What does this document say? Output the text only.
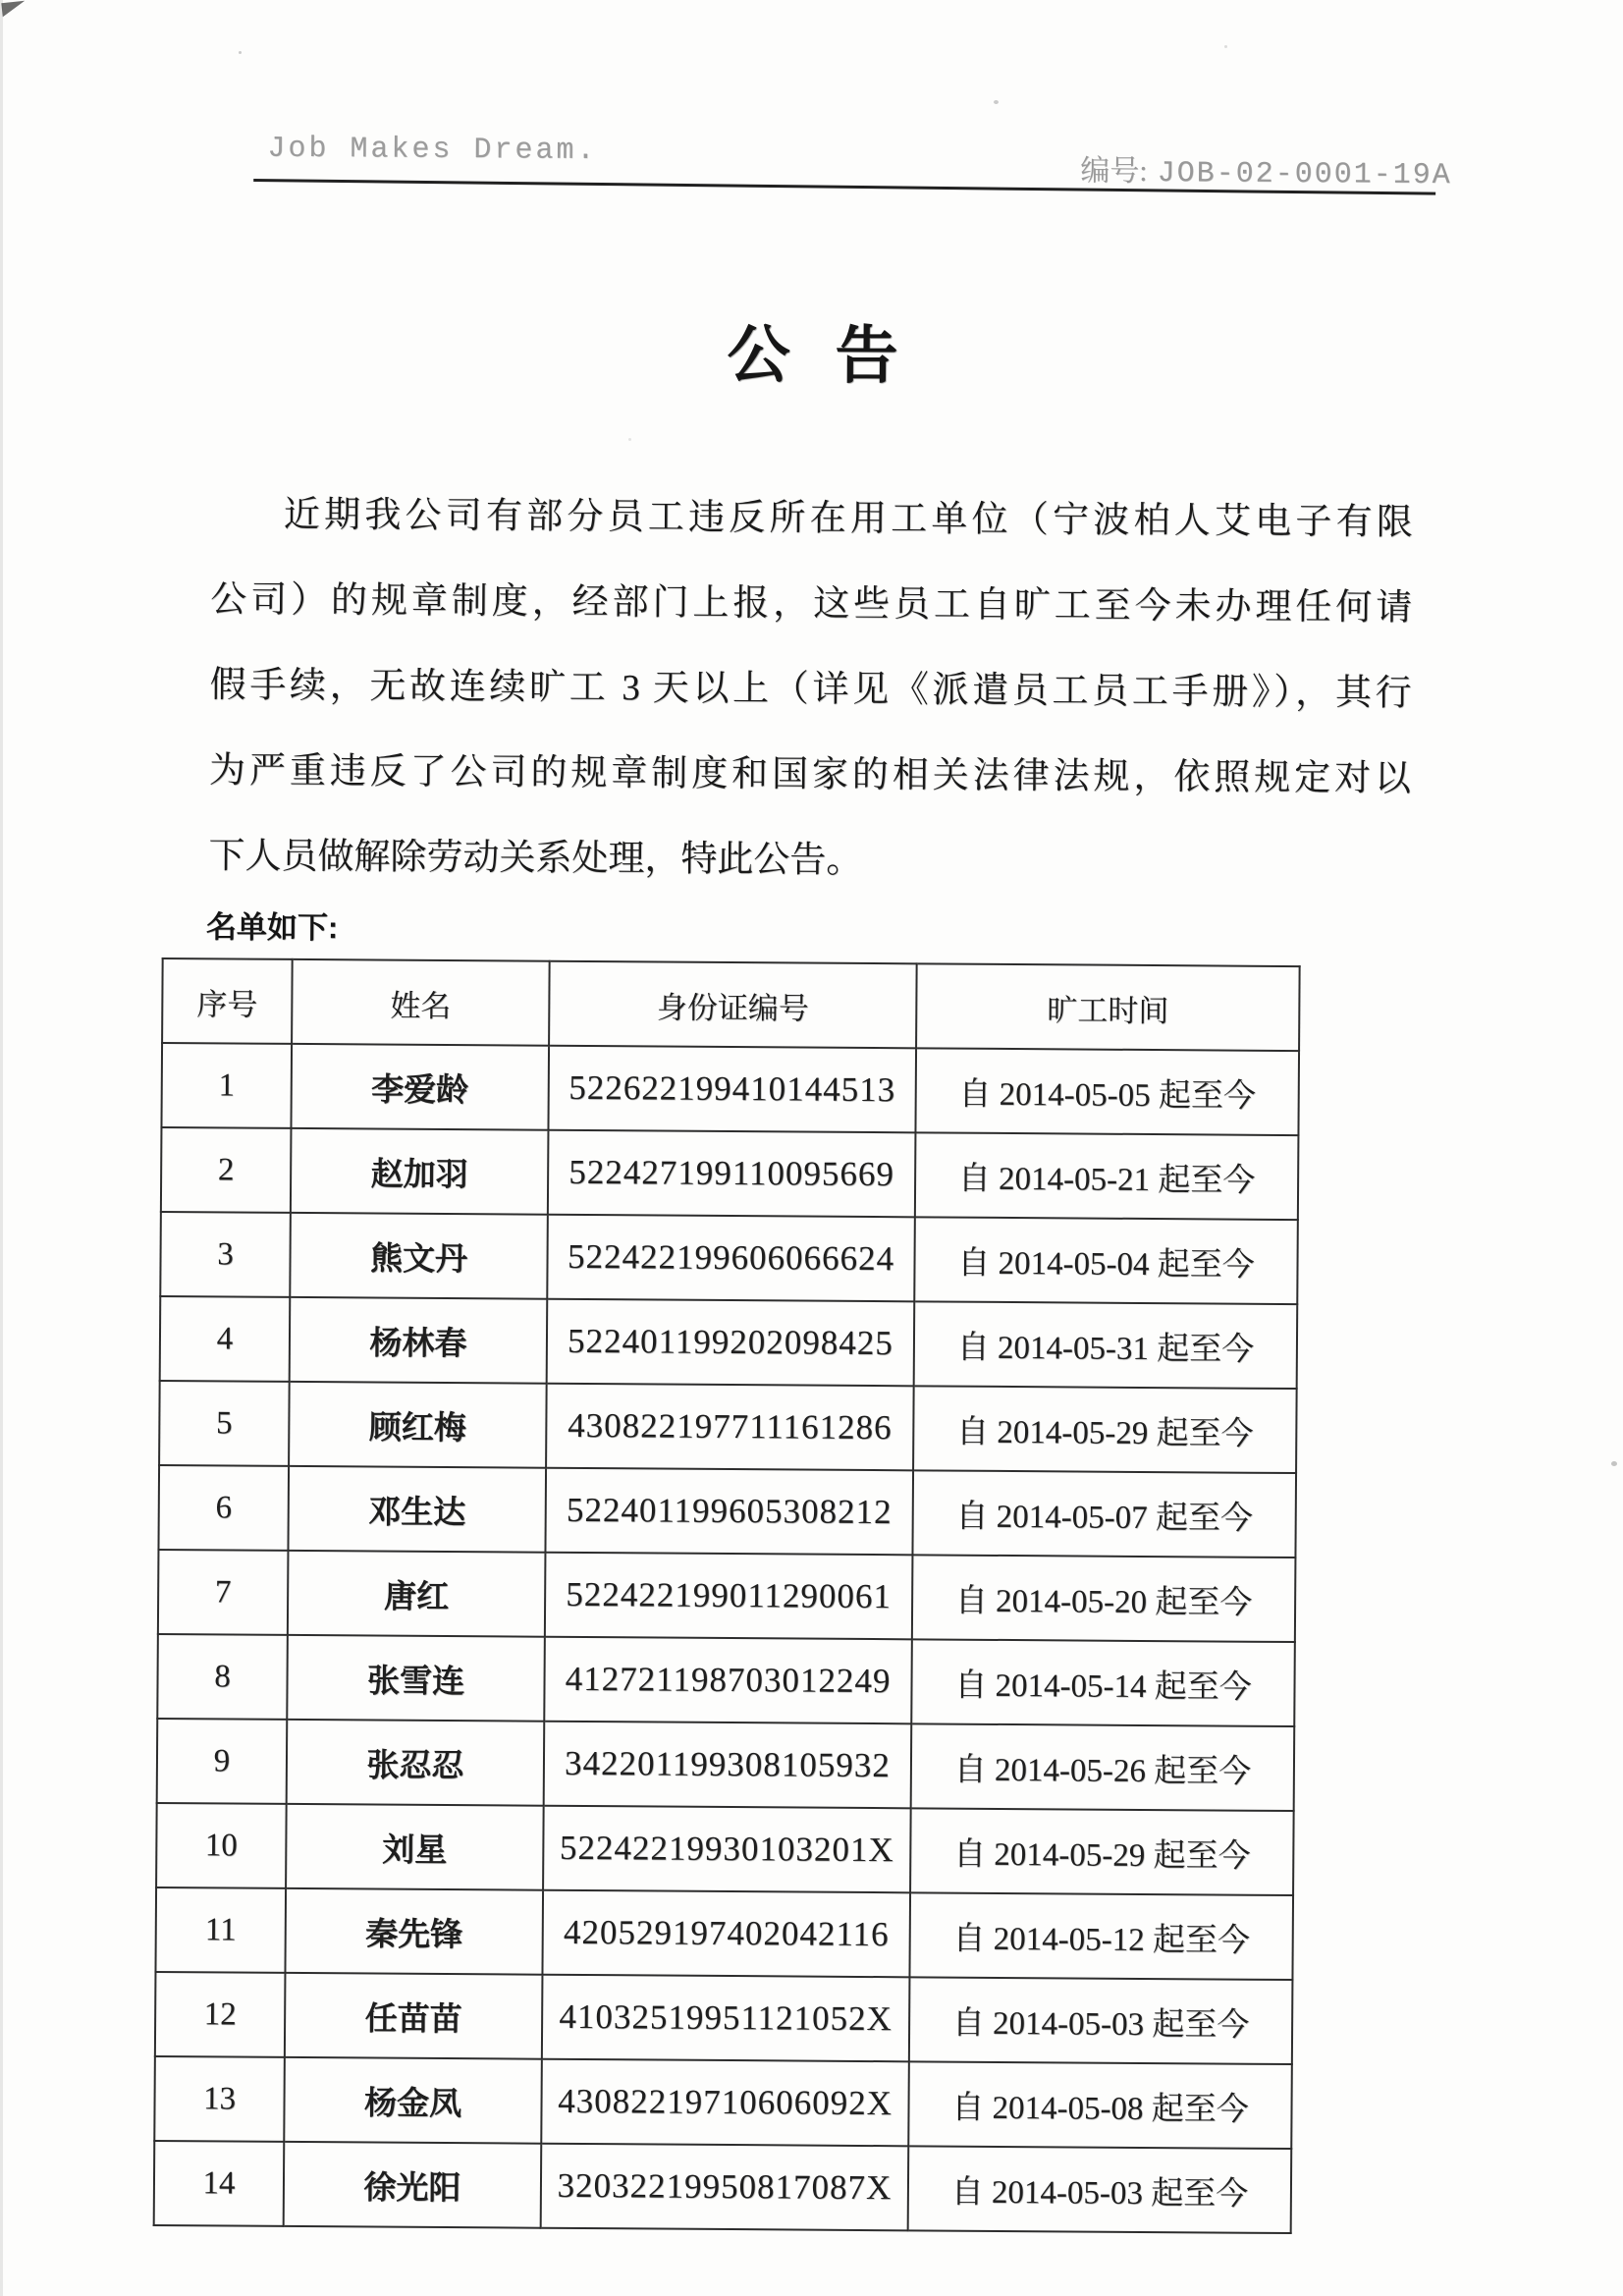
Job Makes Dream.
编号: JOB-02-0001-19A
公 告
近期我公司有部分员工违反所在用工单位（宁波柏人艾电子有限
公司）的规章制度，经部门上报，这些员工自旷工至今未办理任何请
假手续，无故连续旷工 3 天以上（详见《派遣员工员工手册》），其行
为严重违反了公司的规章制度和国家的相关法律法规，依照规定对以
下人员做解除劳动关系处理，特此公告。
名单如下:
序号	姓名	身份证编号	旷工时间
1	李爱龄	522622199410144513	自 2014-05-05 起至今
2	赵加羽	522427199110095669	自 2014-05-21 起至今
3	熊文丹	522422199606066624	自 2014-05-04 起至今
4	杨林春	522401199202098425	自 2014-05-31 起至今
5	顾红梅	430822197711161286	自 2014-05-29 起至今
6	邓生达	522401199605308212	自 2014-05-07 起至今
7	唐红	522422199011290061	自 2014-05-20 起至今
8	张雪连	412721198703012249	自 2014-05-14 起至今
9	张忍忍	342201199308105932	自 2014-05-26 起至今
10	刘星	52242219930103201X	自 2014-05-29 起至今
11	秦先锋	420529197402042116	自 2014-05-12 起至今
12	任苗苗	41032519951121052X	自 2014-05-03 起至今
13	杨金凤	43082219710606092X	自 2014-05-08 起至今
14	徐光阳	32032219950817087X	自 2014-05-03 起至今
